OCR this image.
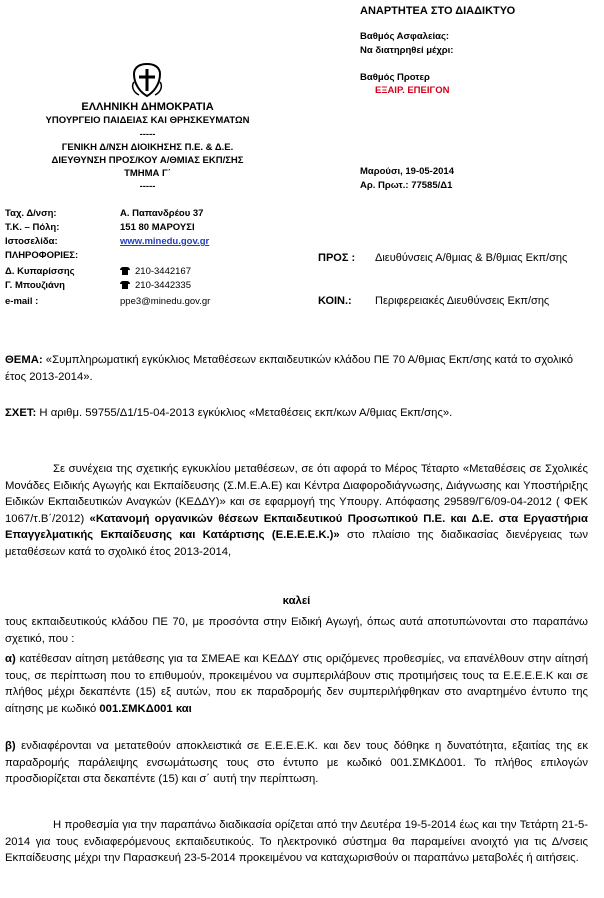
ΑΝΑΡΤΗΤΕΑ ΣΤΟ ΔΙΑΔΙΚΤΥΟ
Βαθμός Ασφαλείας:
Να διατηρηθεί μέχρι:
Βαθμός Προτερ
ΕΞΑΙΡ. ΕΠΕΙΓΟΝ
Μαρούσι, 19-05-2014
Αρ. Πρωτ.: 77585/Δ1
ΕΛΛΗΝΙΚΗ ΔΗΜΟΚΡΑΤΙΑ
ΥΠΟΥΡΓΕΙΟ ΠΑΙΔΕΙΑΣ ΚΑΙ ΘΡΗΣΚΕΥΜΑΤΩΝ
-----
ΓΕΝΙΚΗ Δ/ΝΣΗ ΔΙΟΙΚΗΣΗΣ Π.Ε. & Δ.Ε.
ΔΙΕΥΘΥΝΣΗ ΠΡΟΣ/ΚΟΥ Α/ΘΜΙΑΣ ΕΚΠ/ΣΗΣ
ΤΜΗΜΑ Γ΄
-----
Ταχ. Δ/νση:	Α. Παπανδρέου 37
Τ.Κ. – Πόλη:	151 80 ΜΑΡΟΥΣΙ
Ιστοσελίδα:	www.minedu.gov.gr
ΠΛΗΡΟΦΟΡΙΕΣ:
Δ. Κυπαρίσσης	210-3442167
Γ. Μπουζιάνη	210-3442335
e-mail :	ppe3@minedu.gov.gr
ΠΡΟΣ : Διευθύνσεις Α/θμιας & Β/θμιας Εκπ/σης
ΚΟΙΝ.: Περιφερειακές Διευθύνσεις Εκπ/σης

ΘΕΜΑ: «Συμπληρωματική εγκύκλιος Μεταθέσεων εκπαιδευτικών κλάδου ΠΕ 70 Α/θμιας Εκπ/σης κατά το σχολικό έτος 2013-2014».

ΣΧΕΤ: Η αριθμ. 59755/Δ1/15-04-2013 εγκύκλιος «Μεταθέσεις εκπ/κων Α/θμιας Εκπ/σης».

Σε συνέχεια της σχετικής εγκυκλίου μεταθέσεων, σε ότι αφορά το Μέρος Τέταρτο «Μεταθέσεις σε Σχολικές Μονάδες Ειδικής Αγωγής και Εκπαίδευσης (Σ.Μ.Ε.Α.Ε) και Κέντρα Διαφοροδιάγνωσης, Διάγνωσης και Υποστήριξης Ειδικών Εκπαιδευτικών Αναγκών (ΚΕΔΔΥ)» και σε εφαρμογή της Υπουργ. Απόφασης 29589/Γ6/09-04-2012 ( ΦΕΚ 1067/τ.Β΄/2012) «Κατανομή οργανικών θέσεων Εκπαιδευτικού Προσωπικού Π.Ε. και Δ.Ε. στα Εργαστήρια Επαγγελματικής Εκπαίδευσης και Κατάρτισης (Ε.Ε.Ε.Ε.Κ.)» στο πλαίσιο της διαδικασίας διενέργειας των μεταθέσεων κατά το σχολικό έτος 2013-2014,

καλεί

τους εκπαιδευτικούς κλάδου ΠΕ 70, με προσόντα στην Ειδική Αγωγή, όπως αυτά αποτυπώνονται στο παραπάνω σχετικό, που :

α) κατέθεσαν αίτηση μετάθεσης για τα ΣΜΕΑΕ και ΚΕΔΔΥ στις οριζόμενες προθεσμίες, να επανέλθουν στην αίτησή τους, σε περίπτωση που το επιθυμούν, προκειμένου να συμπεριλάβουν στις προτιμήσεις τους τα Ε.Ε.Ε.Ε.Κ και σε πλήθος μέχρι δεκαπέντε (15) εξ αυτών, που εκ παραδρομής δεν συμπεριλήφθηκαν στο αναρτημένο έντυπο της αίτησης με κωδικό 001.ΣΜΚΔ001 και

β) ενδιαφέρονται να μετατεθούν αποκλειστικά σε Ε.Ε.Ε.Ε.Κ. και δεν τους δόθηκε η δυνατότητα, εξαιτίας της εκ παραδρομής παράλειψης ενσωμάτωσης τους στο έντυπο με κωδικό 001.ΣΜΚΔ001. Το πλήθος επιλογών προσδιορίζεται στα δεκαπέντε (15) και σ΄ αυτή την περίπτωση.

Η προθεσμία για την παραπάνω διαδικασία ορίζεται από την Δευτέρα 19-5-2014 έως και την Τετάρτη 21-5-2014 για τους ενδιαφερόμενους εκπαιδευτικούς. Το ηλεκτρονικό σύστημα θα παραμείνει ανοιχτό για τις Δ/νσεις Εκπαίδευσης μέχρι την Παρασκευή 23-5-2014 προκειμένου να καταχωρισθούν οι παραπάνω μεταβολές ή αιτήσεις.
